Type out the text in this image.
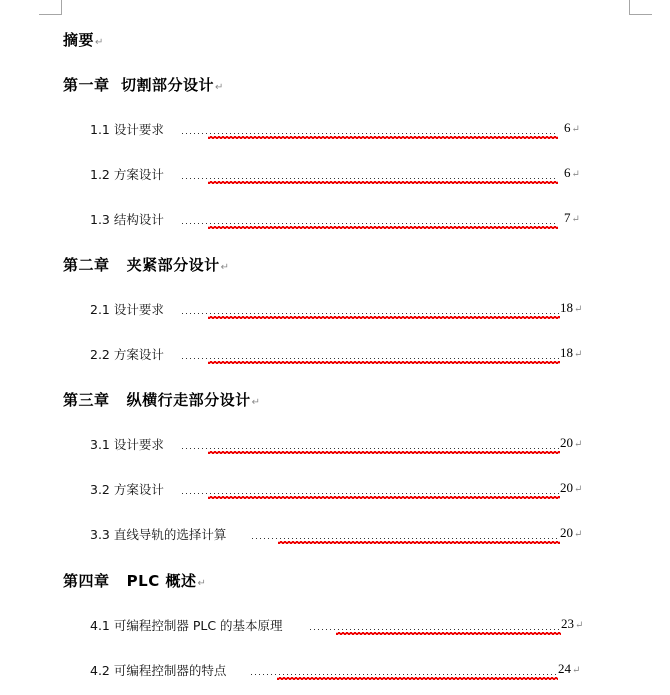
摘要↵
第一章  切割部分设计↵
1.1 设计要求	6↵
1.2 方案设计	6↵
1.3 结构设计	7↵
第二章   夹紧部分设计↵
2.1 设计要求	18↵
2.2 方案设计	18↵
第三章   纵横行走部分设计↵
3.1 设计要求	20↵
3.2 方案设计	20↵
3.3 直线导轨的选择计算	20↵
第四章   PLC 概述↵
4.1 可编程控制器 PLC 的基本原理	23↵
4.2 可编程控制器的特点	24↵
